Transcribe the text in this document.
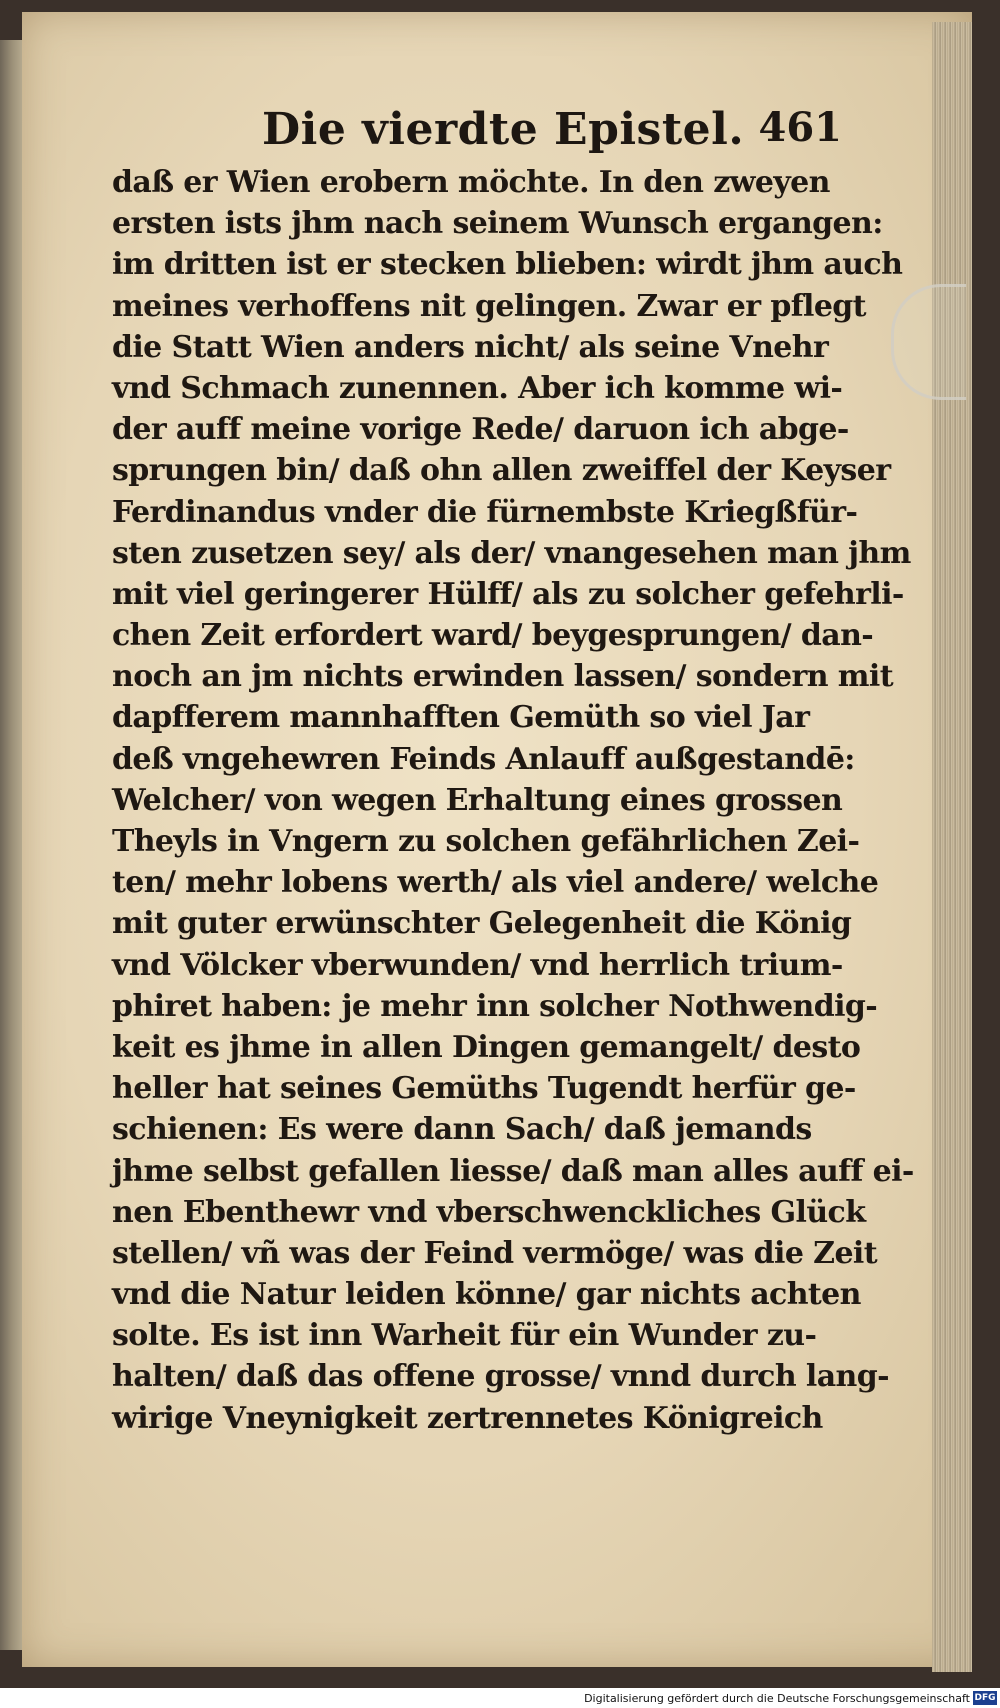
Die vierdte Epistel. 461
daß er Wien erobern möchte. In den zweyen
ersten ists jhm nach seinem Wunsch ergangen:
im dritten ist er stecken blieben: wirdt jhm auch
meines verhoffens nit gelingen. Zwar er pflegt
die Statt Wien anders nicht/ als seine Vnehr
vnd Schmach zunennen. Aber ich komme wi-
der auff meine vorige Rede/ daruon ich abge-
sprungen bin/ daß ohn allen zweiffel der Keyser
Ferdinandus vnder die fürnembste Kriegßfür-
sten zusetzen sey/ als der/ vnangesehen man jhm
mit viel geringerer Hülff/ als zu solcher gefehrli-
chen Zeit erfordert ward/ beygesprungen/ dan-
noch an jm nichts erwinden lassen/ sondern mit
dapfferem mannhafften Gemüth so viel Jar
deß vngehewren Feinds Anlauff außgestandē:
Welcher/ von wegen Erhaltung eines grossen
Theyls in Vngern zu solchen gefährlichen Zei-
ten/ mehr lobens werth/ als viel andere/ welche
mit guter erwünschter Gelegenheit die König
vnd Völcker vberwunden/ vnd herrlich trium-
phiret haben: je mehr inn solcher Nothwendig-
keit es jhme in allen Dingen gemangelt/ desto
heller hat seines Gemüths Tugendt herfür ge-
schienen: Es were dann Sach/ daß jemands
jhme selbst gefallen liesse/ daß man alles auff ei-
nen Ebenthewr vnd vberschwenckliches Glück
stellen/ vñ was der Feind vermöge/ was die Zeit
vnd die Natur leiden könne/ gar nichts achten
solte. Es ist inn Warheit für ein Wunder zu-
halten/ daß das offene grosse/ vnnd durch lang-
wirige Vneynigkeit zertrennetes Königreich
Digitalisierung gefördert durch die Deutsche Forschungsgemeinschaft DFG
